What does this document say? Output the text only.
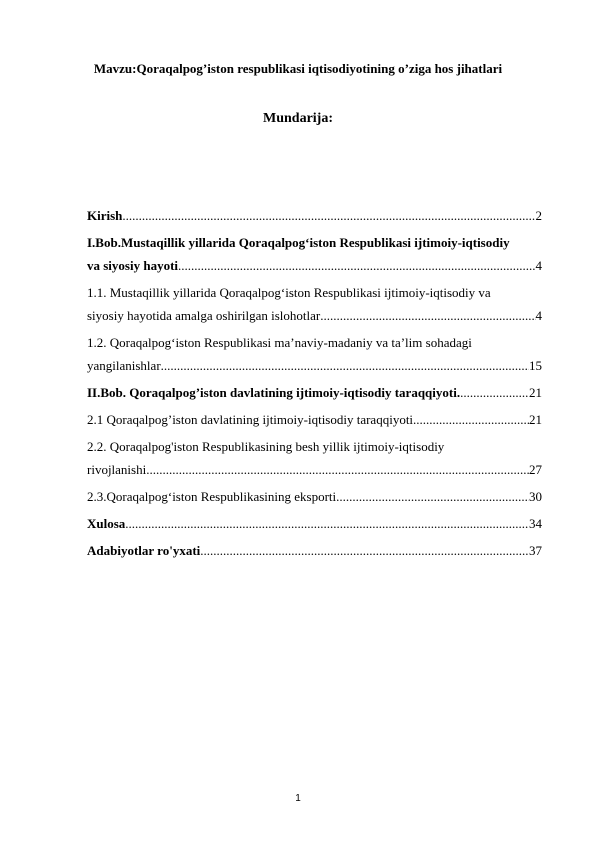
Mavzu:Qoraqalpog’iston respublikasi iqtisodiyotining o’ziga hos jihatlari
Mundarija:
Kirish .....	2
I.Bob.Mustaqillik yillarida Qoraqalpog‘iston Respublikasi ijtimoiy-iqtisodiy
va siyosiy hayoti .....	4
1.1. Mustaqillik yillarida Qoraqalpog‘iston Respublikasi ijtimoiy-iqtisodiy va
siyosiy hayotida amalga oshirilgan islohotlar .....	4
1.2. Qoraqalpog‘iston Respublikasi ma’naviy-madaniy va ta’lim sohadagi
yangilanishlar .....	15
II.Bob. Qoraqalpog’iston davlatining ijtimoiy-iqtisodiy taraqqiyoti. .....	21
2.1 Qoraqalpog’iston davlatining ijtimoiy-iqtisodiy taraqqiyoti .....	21
2.2. Qoraqalpog'iston Respublikasining besh yillik ijtimoiy-iqtisodiy
rivojlanishi .....	27
2.3.Qoraqalpog‘iston Respublikasining eksporti .....	30
Xulosa .....	34
Adabiyotlar ro'yxati .....	37
1
